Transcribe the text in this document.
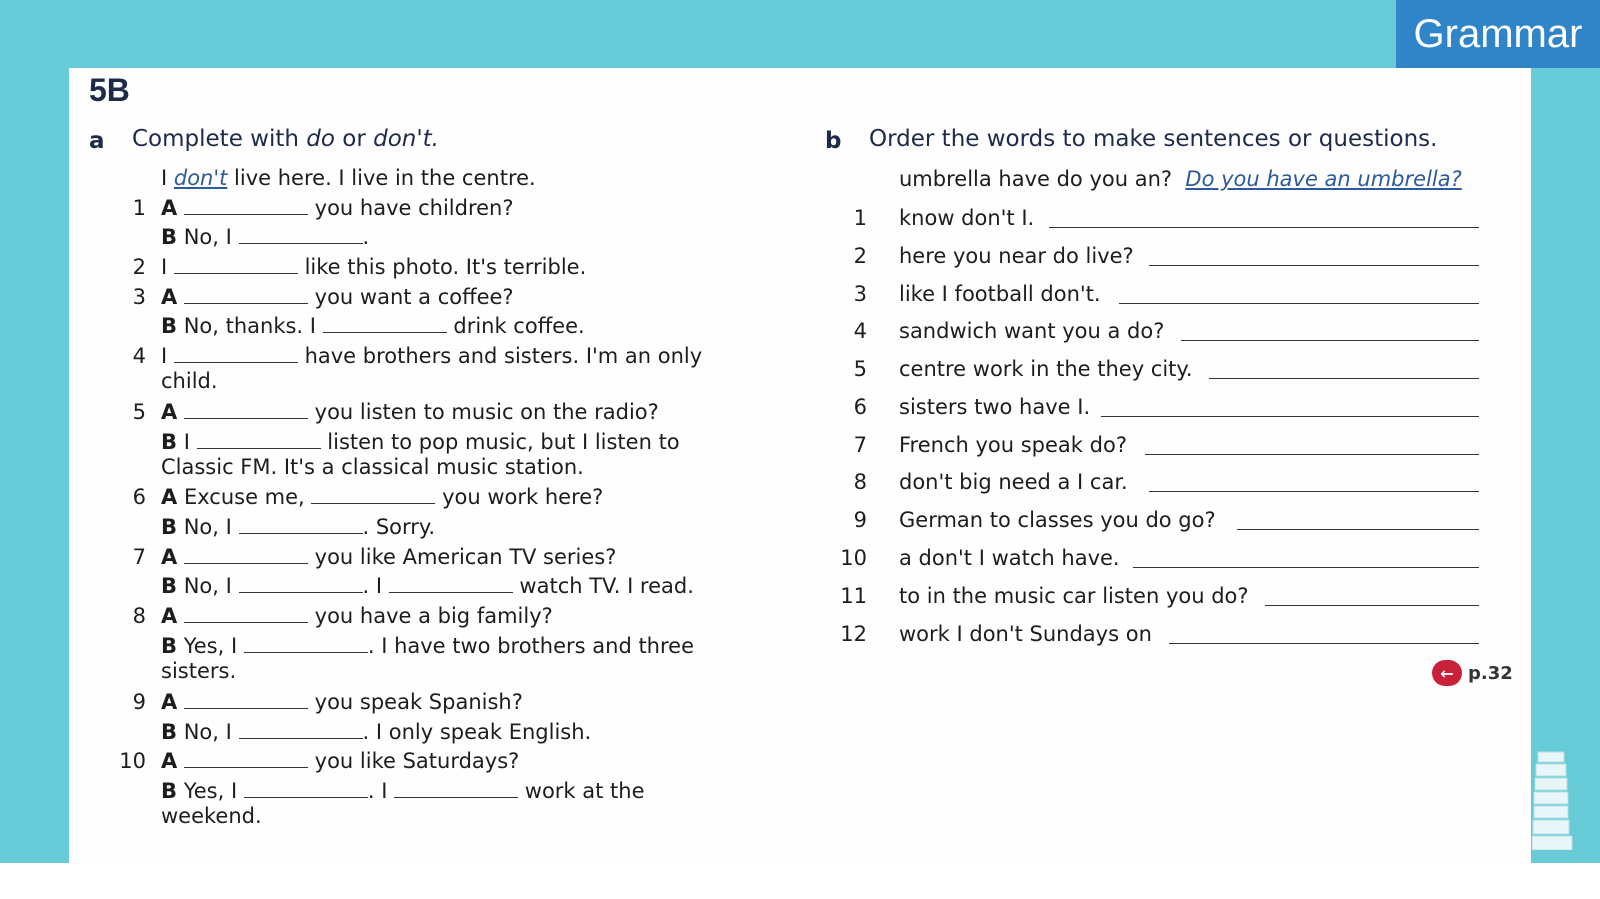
Grammar
5B
a Complete with do or don't.
I don't live here. I live in the centre.
1 A	you have children?
B No, I	.
2 I	like this photo. It's terrible.
3 A	you want a coffee?
B No, thanks. I	drink coffee.
4 I	have brothers and sisters. I'm an only
child.
5 A	you listen to music on the radio?
B I	listen to pop music, but I listen to
Classic FM. It's a classical music station.
6 A Excuse me,	you work here?
B No, I	. Sorry.
7 A	you like American TV series?
B No, I	. I	watch TV. I read.
8 A	you have a big family?
B Yes, I	. I have two brothers and three
sisters.
9 A	you speak Spanish?
B No, I	. I only speak English.
10 A	you like Saturdays?
B Yes, I	. I	work at the
weekend.
b Order the words to make sentences or questions.
umbrella have do you an? Do you have an umbrella?
1 know don't I.
2 here you near do live?
3 like I football don't.
4 sandwich want you a do?
5 centre work in the they city.
6 sisters two have I.
7 French you speak do?
8 don't big need a I car.
9 German to classes you do go?
10 a don't I watch have.
11 to in the music car listen you do?
12 work I don't Sundays on
← p.32
